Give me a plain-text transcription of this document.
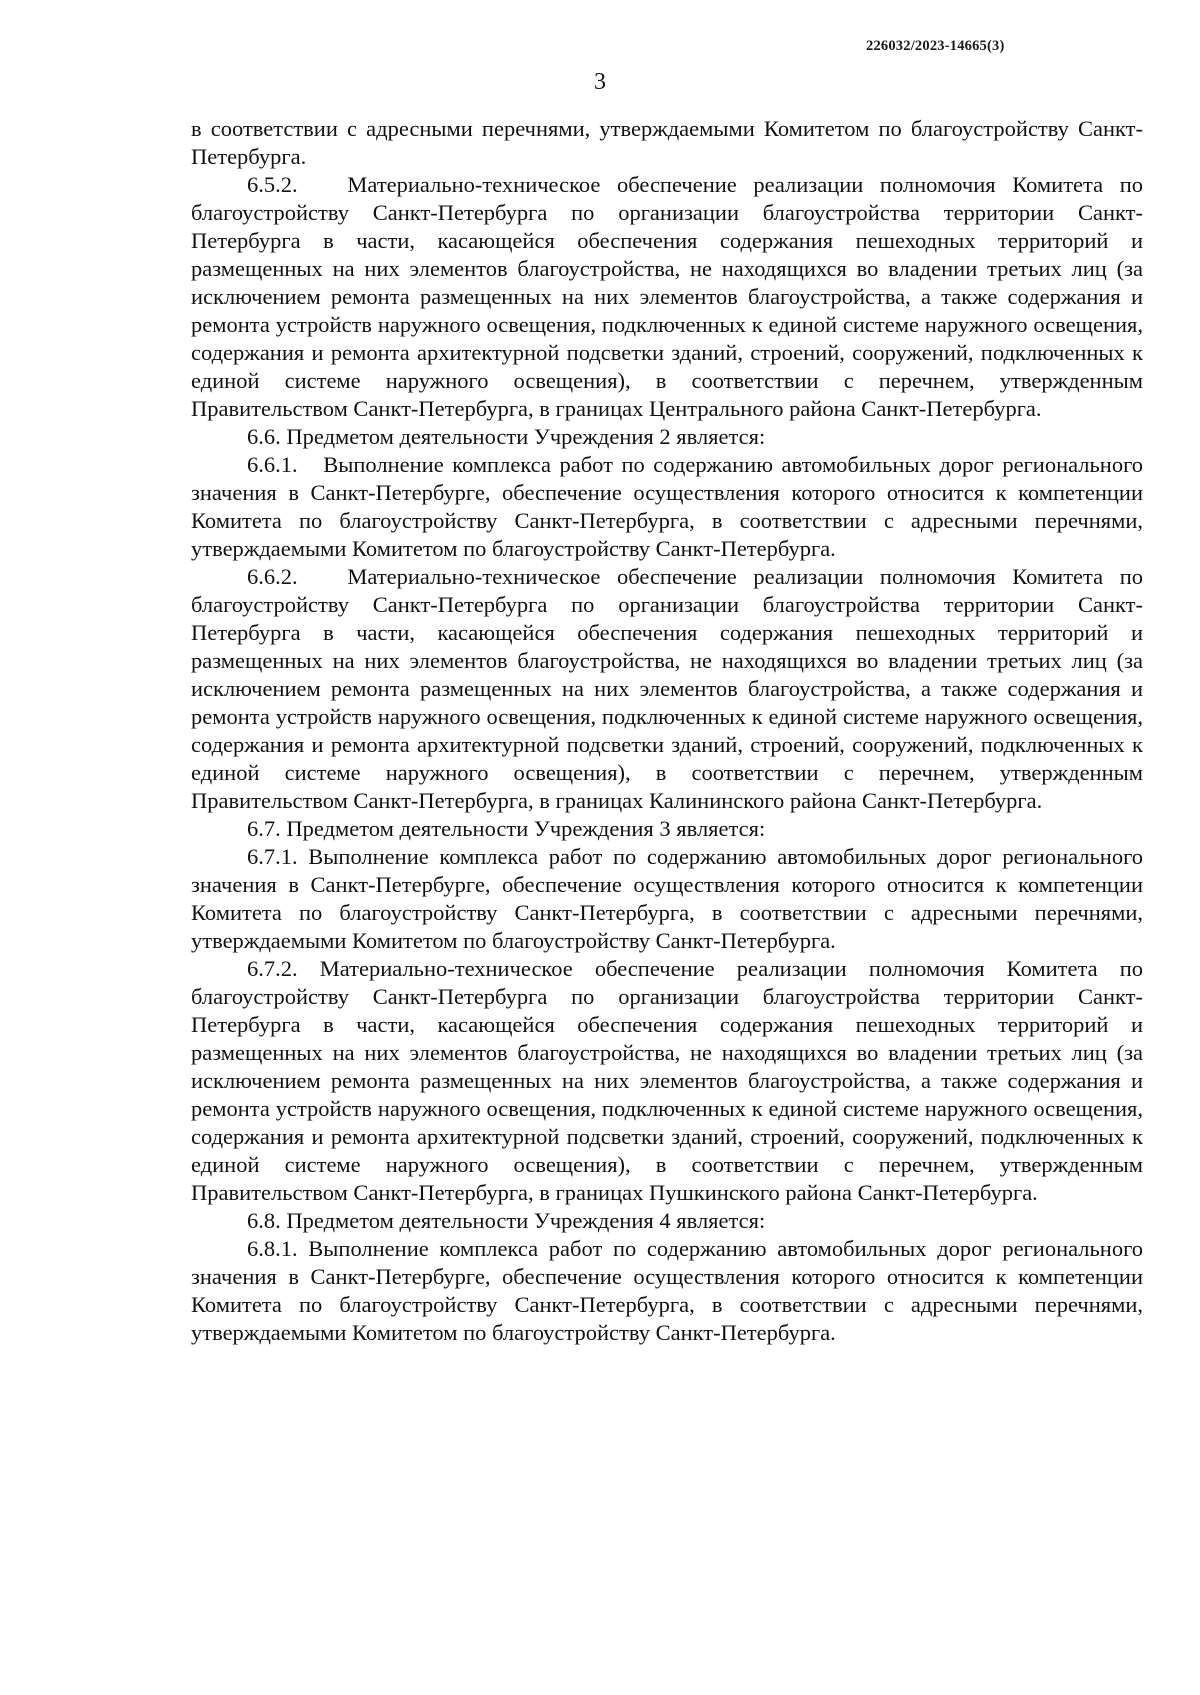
226032/2023-14665(3)
3

в соответствии с адресными перечнями, утверждаемыми Комитетом по благоустройству Санкт-Петербурга.

6.5.2.   Материально-техническое обеспечение реализации полномочия Комитета по благоустройству Санкт-Петербурга по организации благоустройства территории Санкт-Петербурга в части, касающейся обеспечения содержания пешеходных территорий и размещенных на них элементов благоустройства, не находящихся во владении третьих лиц (за исключением ремонта размещенных на них элементов благоустройства, а также содержания и ремонта устройств наружного освещения, подключенных к единой системе наружного освещения, содержания и ремонта архитектурной подсветки зданий, строений, сооружений, подключенных к единой системе наружного освещения), в соответствии с перечнем, утвержденным Правительством Санкт-Петербурга, в границах Центрального района Санкт-Петербурга.

6.6. Предметом деятельности Учреждения 2 является:

6.6.1.   Выполнение комплекса работ по содержанию автомобильных дорог регионального значения в Санкт-Петербурге, обеспечение осуществления которого относится к компетенции Комитета по благоустройству Санкт-Петербурга, в соответствии с адресными перечнями, утверждаемыми Комитетом по благоустройству Санкт-Петербурга.

6.6.2.   Материально-техническое обеспечение реализации полномочия Комитета по благоустройству Санкт-Петербурга по организации благоустройства территории Санкт-Петербурга в части, касающейся обеспечения содержания пешеходных территорий и размещенных на них элементов благоустройства, не находящихся во владении третьих лиц (за исключением ремонта размещенных на них элементов благоустройства, а также содержания и ремонта устройств наружного освещения, подключенных к единой системе наружного освещения, содержания и ремонта архитектурной подсветки зданий, строений, сооружений, подключенных к единой системе наружного освещения), в соответствии с перечнем, утвержденным Правительством Санкт-Петербурга, в границах Калининского района Санкт-Петербурга.

6.7. Предметом деятельности Учреждения 3 является:

6.7.1. Выполнение комплекса работ по содержанию автомобильных дорог регионального значения в Санкт-Петербурге, обеспечение осуществления которого относится к компетенции Комитета по благоустройству Санкт-Петербурга, в соответствии с адресными перечнями, утверждаемыми Комитетом по благоустройству Санкт-Петербурга.

6.7.2. Материально-техническое обеспечение реализации полномочия Комитета по благоустройству Санкт-Петербурга по организации благоустройства территории Санкт-Петербурга в части, касающейся обеспечения содержания пешеходных территорий и размещенных на них элементов благоустройства, не находящихся во владении третьих лиц (за исключением ремонта размещенных на них элементов благоустройства, а также содержания и ремонта устройств наружного освещения, подключенных к единой системе наружного освещения, содержания и ремонта архитектурной подсветки зданий, строений, сооружений, подключенных к единой системе наружного освещения), в соответствии с перечнем, утвержденным Правительством Санкт-Петербурга, в границах Пушкинского района Санкт-Петербурга.

6.8. Предметом деятельности Учреждения 4 является:

6.8.1. Выполнение комплекса работ по содержанию автомобильных дорог регионального значения в Санкт-Петербурге, обеспечение осуществления которого относится к компетенции Комитета по благоустройству Санкт-Петербурга, в соответствии с адресными перечнями, утверждаемыми Комитетом по благоустройству Санкт-Петербурга.
